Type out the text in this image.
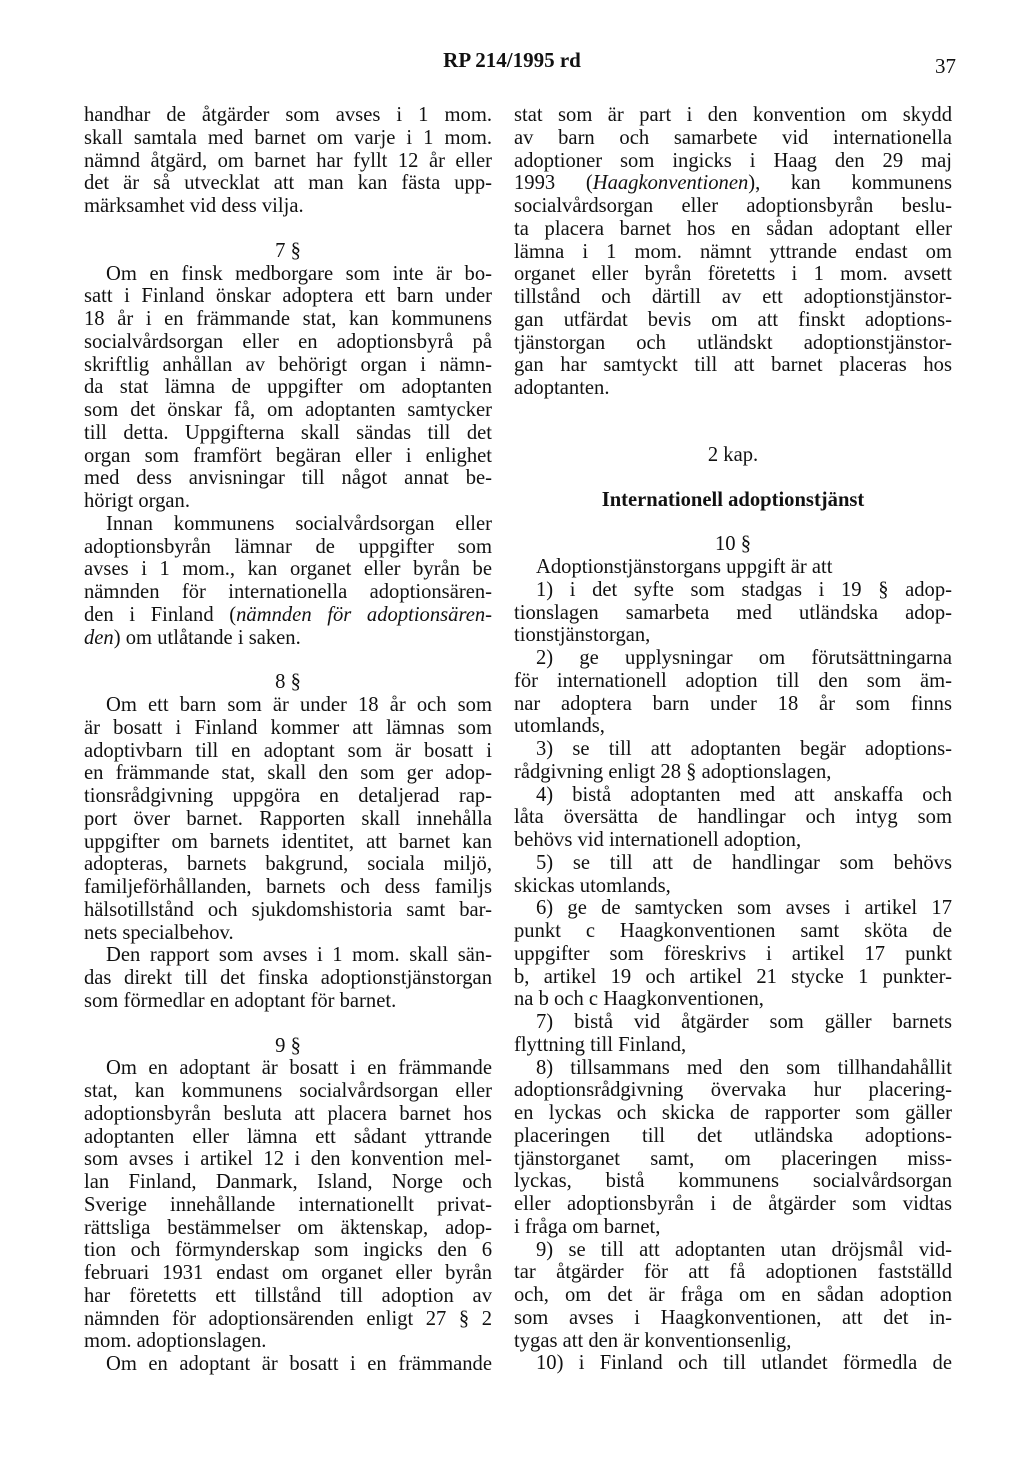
RP 214/1995 rd	37
handhar de åtgärder som avses i 1 mom.
skall samtala med barnet om varje i 1 mom.
nämnd åtgärd, om barnet har fyllt 12 år eller
det är så utvecklat att man kan fästa upp-
märksamhet vid dess vilja.
7 §
Om en finsk medborgare som inte är bo-
satt i Finland önskar adoptera ett barn under
18 år i en främmande stat, kan kommunens
socialvårdsorgan eller en adoptionsbyrå på
skriftlig anhållan av behörigt organ i nämn-
da stat lämna de uppgifter om adoptanten
som det önskar få, om adoptanten samtycker
till detta. Uppgifterna skall sändas till det
organ som framfört begäran eller i enlighet
med dess anvisningar till något annat be-
hörigt organ.
Innan kommunens socialvårdsorgan eller
adoptionsbyrån lämnar de uppgifter som
avses i 1 mom., kan organet eller byrån be
nämnden för internationella adoptionsären-
den i Finland (nämnden för adoptionsären-
den) om utlåtande i saken.
8 §
Om ett barn som är under 18 år och som
är bosatt i Finland kommer att lämnas som
adoptivbarn till en adoptant som är bosatt i
en främmande stat, skall den som ger adop-
tionsrådgivning uppgöra en detaljerad rap-
port över barnet. Rapporten skall innehålla
uppgifter om barnets identitet, att barnet kan
adopteras, barnets bakgrund, sociala miljö,
familjeförhållanden, barnets och dess familjs
hälsotillstånd och sjukdomshistoria samt bar-
nets specialbehov.
Den rapport som avses i 1 mom. skall sän-
das direkt till det finska adoptionstjänstorgan
som förmedlar en adoptant för barnet.
9 §
Om en adoptant är bosatt i en främmande
stat, kan kommunens socialvårdsorgan eller
adoptionsbyrån besluta att placera barnet hos
adoptanten eller lämna ett sådant yttrande
som avses i artikel 12 i den konvention mel-
lan Finland, Danmark, Island, Norge och
Sverige innehållande internationellt privat-
rättsliga bestämmelser om äktenskap, adop-
tion och förmynderskap som ingicks den 6
februari 1931 endast om organet eller byrån
har företetts ett tillstånd till adoption av
nämnden för adoptionsärenden enligt 27 § 2
mom. adoptionslagen.
Om en adoptant är bosatt i en främmande
stat som är part i den konvention om skydd
av barn och samarbete vid internationella
adoptioner som ingicks i Haag den 29 maj
1993 (Haagkonventionen), kan kommunens
socialvårdsorgan eller adoptionsbyrån beslu-
ta placera barnet hos en sådan adoptant eller
lämna i 1 mom. nämnt yttrande endast om
organet eller byrån företetts i 1 mom. avsett
tillstånd och därtill av ett adoptionstjänstor-
gan utfärdat bevis om att finskt adoptions-
tjänstorgan och utländskt adoptionstjänstor-
gan har samtyckt till att barnet placeras hos
adoptanten.
2 kap.
Internationell adoptionstjänst
10 §
Adoptionstjänstorgans uppgift är att
1) i det syfte som stadgas i 19 § adop-
tionslagen samarbeta med utländska adop-
tionstjänstorgan,
2) ge upplysningar om förutsättningarna
för internationell adoption till den som äm-
nar adoptera barn under 18 år som finns
utomlands,
3) se till att adoptanten begär adoptions-
rådgivning enligt 28 § adoptionslagen,
4) bistå adoptanten med att anskaffa och
låta översätta de handlingar och intyg som
behövs vid internationell adoption,
5) se till att de handlingar som behövs
skickas utomlands,
6) ge de samtycken som avses i artikel 17
punkt c Haagkonventionen samt sköta de
uppgifter som föreskrivs i artikel 17 punkt
b, artikel 19 och artikel 21 stycke 1 punkter-
na b och c Haagkonventionen,
7) bistå vid åtgärder som gäller barnets
flyttning till Finland,
8) tillsammans med den som tillhandahållit
adoptionsrådgivning övervaka hur placering-
en lyckas och skicka de rapporter som gäller
placeringen till det utländska adoptions-
tjänstorganet samt, om placeringen miss-
lyckas, bistå kommunens socialvårdsorgan
eller adoptionsbyrån i de åtgärder som vidtas
i fråga om barnet,
9) se till att adoptanten utan dröjsmål vid-
tar åtgärder för att få adoptionen fastställd
och, om det är fråga om en sådan adoption
som avses i Haagkonventionen, att det in-
tygas att den är konventionsenlig,
10) i Finland och till utlandet förmedla de
